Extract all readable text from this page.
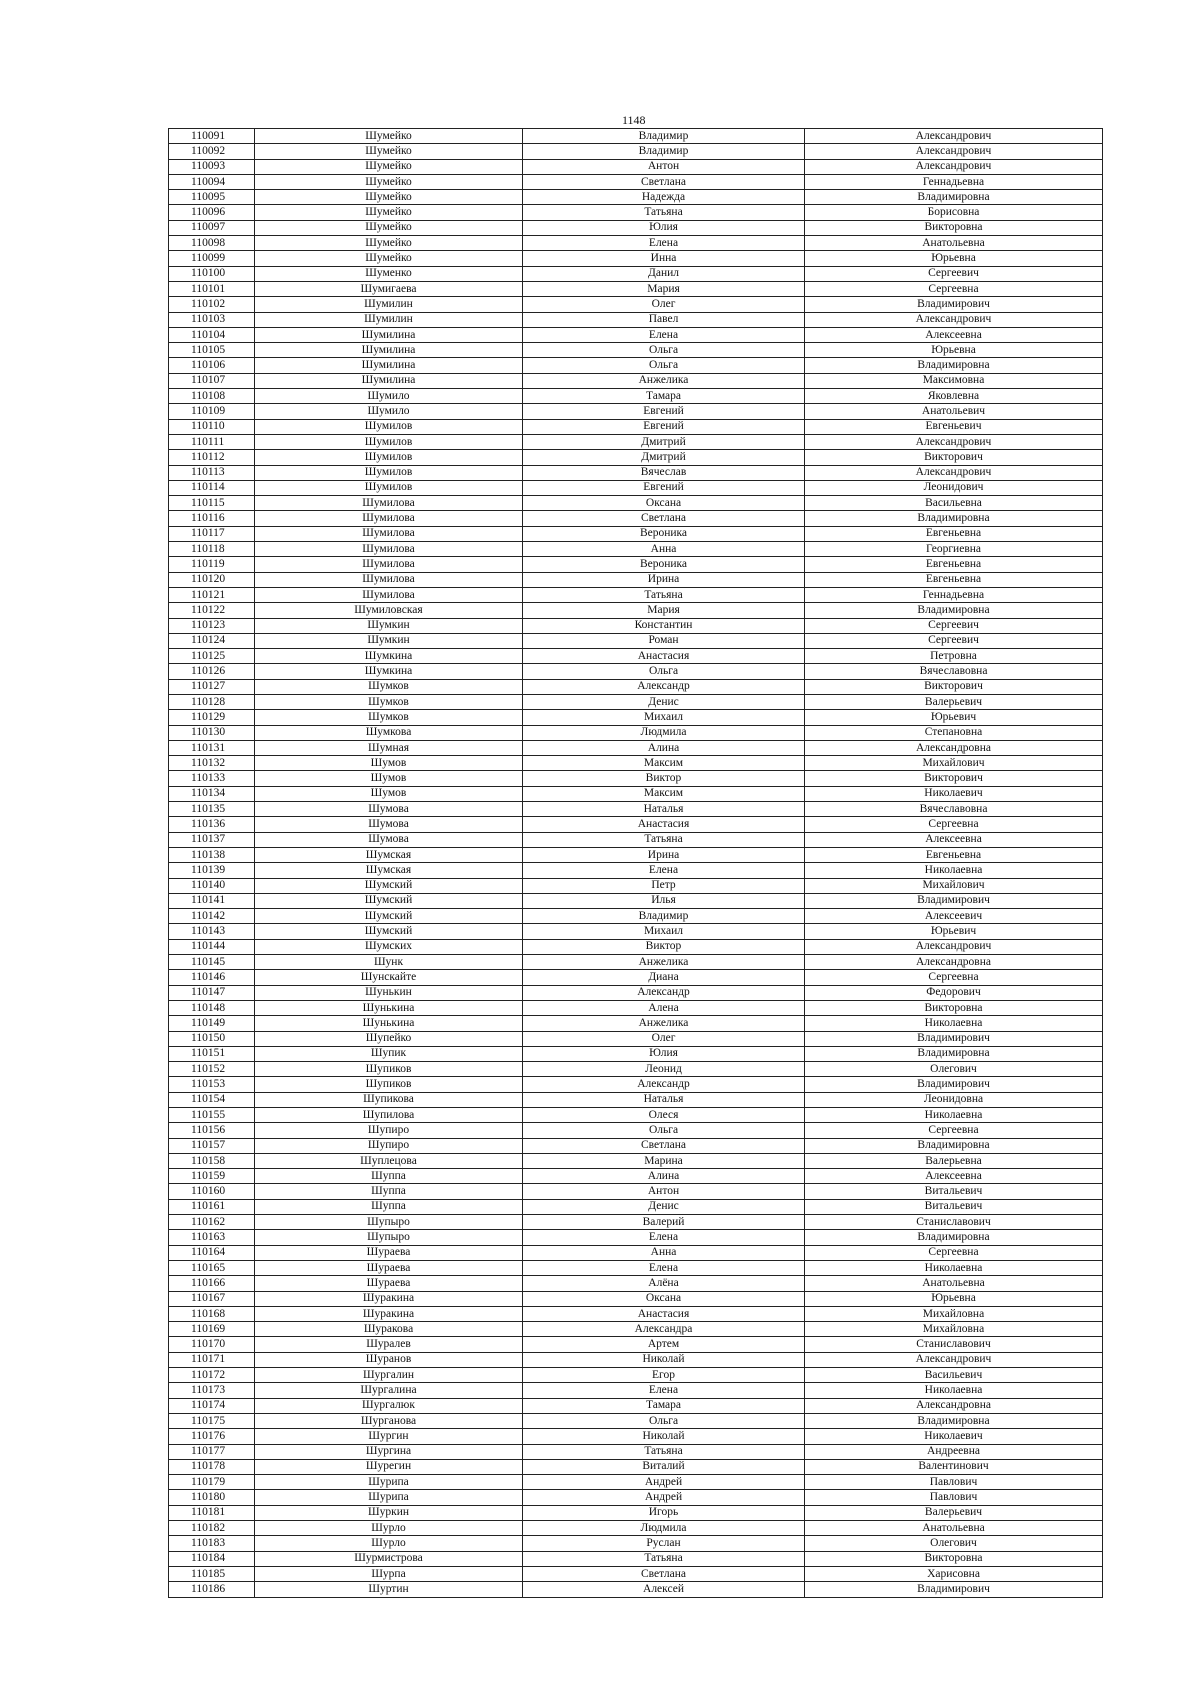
1148
110091	Шумейко	Владимир	Александрович
110092	Шумейко	Владимир	Александрович
110093	Шумейко	Антон	Александрович
110094	Шумейко	Светлана	Геннадьевна
110095	Шумейко	Надежда	Владимировна
110096	Шумейко	Татьяна	Борисовна
110097	Шумейко	Юлия	Викторовна
110098	Шумейко	Елена	Анатольевна
110099	Шумейко	Инна	Юрьевна
110100	Шуменко	Данил	Сергеевич
110101	Шумигаева	Мария	Сергеевна
110102	Шумилин	Олег	Владимирович
110103	Шумилин	Павел	Александрович
110104	Шумилина	Елена	Алексеевна
110105	Шумилина	Ольга	Юрьевна
110106	Шумилина	Ольга	Владимировна
110107	Шумилина	Анжелика	Максимовна
110108	Шумило	Тамара	Яковлевна
110109	Шумило	Евгений	Анатольевич
110110	Шумилов	Евгений	Евгеньевич
110111	Шумилов	Дмитрий	Александрович
110112	Шумилов	Дмитрий	Викторович
110113	Шумилов	Вячеслав	Александрович
110114	Шумилов	Евгений	Леонидович
110115	Шумилова	Оксана	Васильевна
110116	Шумилова	Светлана	Владимировна
110117	Шумилова	Вероника	Евгеньевна
110118	Шумилова	Анна	Георгиевна
110119	Шумилова	Вероника	Евгеньевна
110120	Шумилова	Ирина	Евгеньевна
110121	Шумилова	Татьяна	Геннадьевна
110122	Шумиловская	Мария	Владимировна
110123	Шумкин	Константин	Сергеевич
110124	Шумкин	Роман	Сергеевич
110125	Шумкина	Анастасия	Петровна
110126	Шумкина	Ольга	Вячеславовна
110127	Шумков	Александр	Викторович
110128	Шумков	Денис	Валерьевич
110129	Шумков	Михаил	Юрьевич
110130	Шумкова	Людмила	Степановна
110131	Шумная	Алина	Александровна
110132	Шумов	Максим	Михайлович
110133	Шумов	Виктор	Викторович
110134	Шумов	Максим	Николаевич
110135	Шумова	Наталья	Вячеславовна
110136	Шумова	Анастасия	Сергеевна
110137	Шумова	Татьяна	Алексеевна
110138	Шумская	Ирина	Евгеньевна
110139	Шумская	Елена	Николаевна
110140	Шумский	Петр	Михайлович
110141	Шумский	Илья	Владимирович
110142	Шумский	Владимир	Алексеевич
110143	Шумский	Михаил	Юрьевич
110144	Шумских	Виктор	Александрович
110145	Шунк	Анжелика	Александровна
110146	Шунскайте	Диана	Сергеевна
110147	Шунькин	Александр	Федорович
110148	Шунькина	Алена	Викторовна
110149	Шунькина	Анжелика	Николаевна
110150	Шупейко	Олег	Владимирович
110151	Шупик	Юлия	Владимировна
110152	Шупиков	Леонид	Олегович
110153	Шупиков	Александр	Владимирович
110154	Шупикова	Наталья	Леонидовна
110155	Шупилова	Олеся	Николаевна
110156	Шупиро	Ольга	Сергеевна
110157	Шупиро	Светлана	Владимировна
110158	Шуплецова	Марина	Валерьевна
110159	Шуппа	Алина	Алексеевна
110160	Шуппа	Антон	Витальевич
110161	Шуппа	Денис	Витальевич
110162	Шупыро	Валерий	Станиславович
110163	Шупыро	Елена	Владимировна
110164	Шураева	Анна	Сергеевна
110165	Шураева	Елена	Николаевна
110166	Шураева	Алёна	Анатольевна
110167	Шуракина	Оксана	Юрьевна
110168	Шуракина	Анастасия	Михайловна
110169	Шуракова	Александра	Михайловна
110170	Шуралев	Артем	Станиславович
110171	Шуранов	Николай	Александрович
110172	Шургалин	Егор	Васильевич
110173	Шургалина	Елена	Николаевна
110174	Шургалюк	Тамара	Александровна
110175	Шурганова	Ольга	Владимировна
110176	Шургин	Николай	Николаевич
110177	Шургина	Татьяна	Андреевна
110178	Шурегин	Виталий	Валентинович
110179	Шурипа	Андрей	Павлович
110180	Шурипа	Андрей	Павлович
110181	Шуркин	Игорь	Валерьевич
110182	Шурло	Людмила	Анатольевна
110183	Шурло	Руслан	Олегович
110184	Шурмистрова	Татьяна	Викторовна
110185	Шурпа	Светлана	Харисовна
110186	Шуртин	Алексей	Владимирович
